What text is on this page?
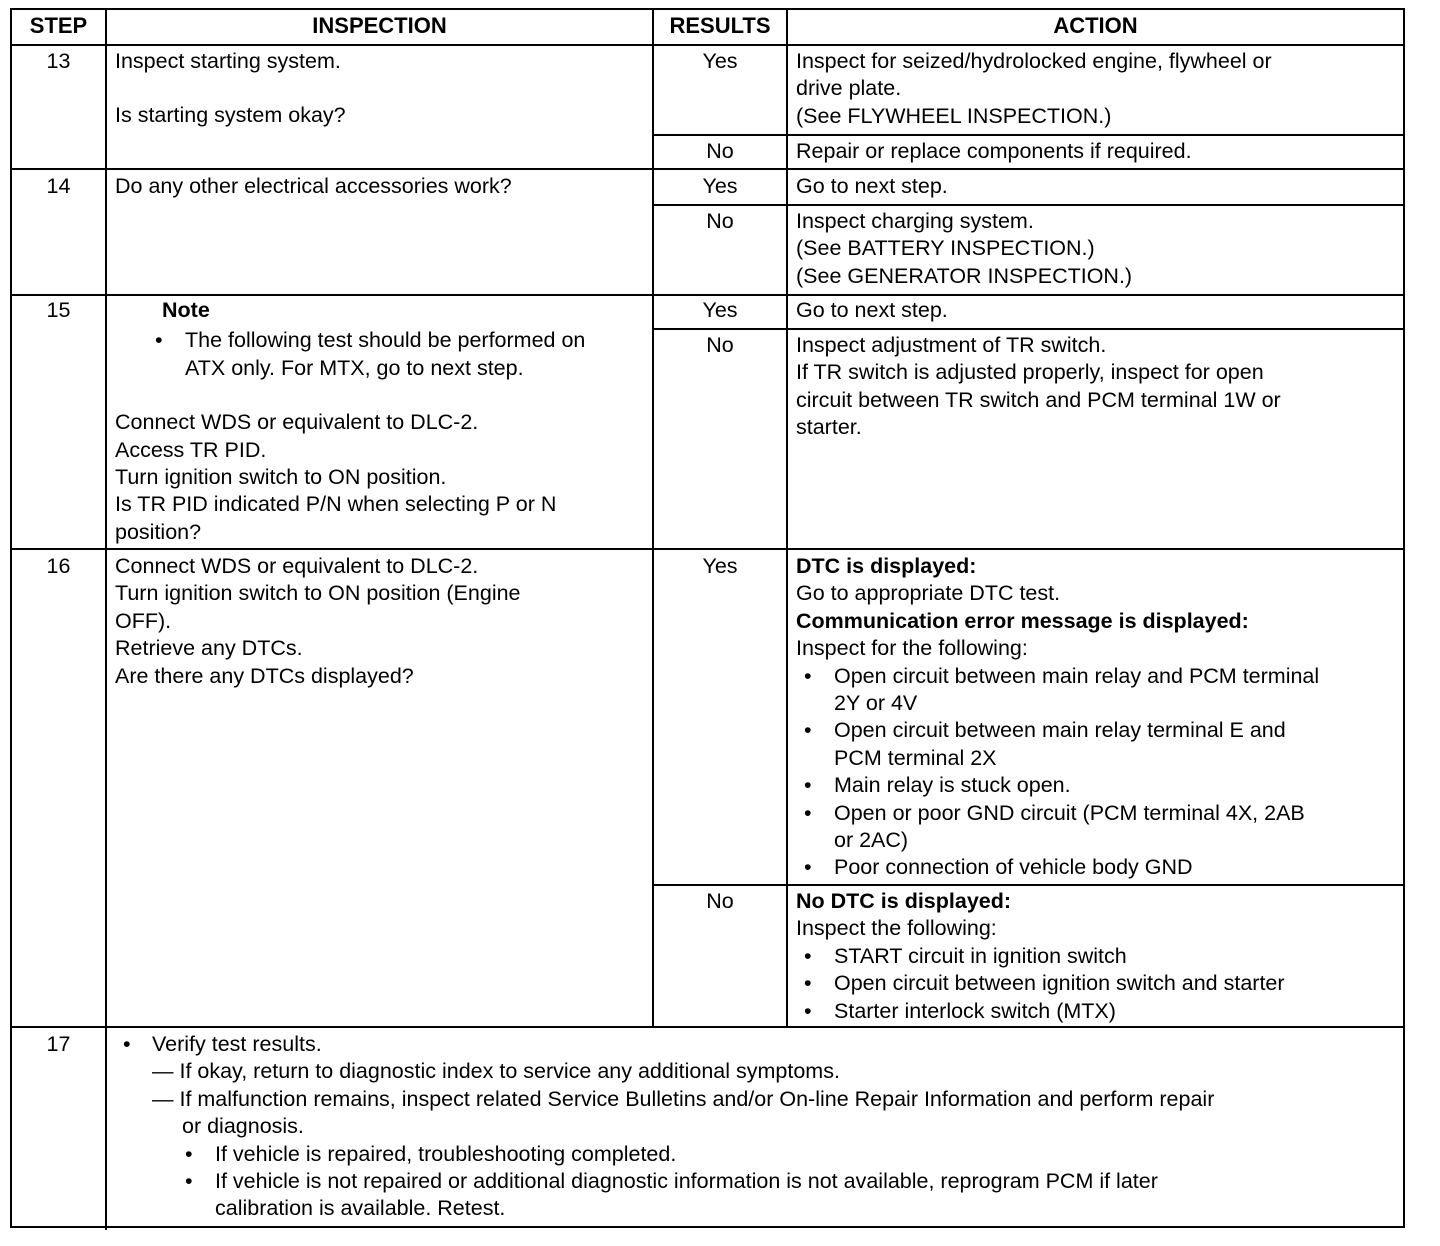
STEP	INSPECTION	RESULTS	ACTION
13	Inspect starting system.
Is starting system okay?
Yes	Inspect for seized/hydrolocked engine, flywheel or
drive plate.
(See FLYWHEEL INSPECTION.)
No	Repair or replace components if required.
14	Do any other electrical accessories work?	Yes	Go to next step.
No	Inspect charging system.
(See BATTERY INSPECTION.)
(See GENERATOR INSPECTION.)
15	Note
• The following test should be performed on
ATX only. For MTX, go to next step.
Connect WDS or equivalent to DLC-2.
Access TR PID.
Turn ignition switch to ON position.
Is TR PID indicated P/N when selecting P or N
position?
Yes	Go to next step.
No	Inspect adjustment of TR switch.
If TR switch is adjusted properly, inspect for open
circuit between TR switch and PCM terminal 1W or
starter.
16	Connect WDS or equivalent to DLC-2.
Turn ignition switch to ON position (Engine
OFF).
Retrieve any DTCs.
Are there any DTCs displayed?
Yes	DTC is displayed:
Go to appropriate DTC test.
Communication error message is displayed:
Inspect for the following:
• Open circuit between main relay and PCM terminal
2Y or 4V
• Open circuit between main relay terminal E and
PCM terminal 2X
• Main relay is stuck open.
• Open or poor GND circuit (PCM terminal 4X, 2AB
or 2AC)
• Poor connection of vehicle body GND
No	No DTC is displayed:
Inspect the following:
• START circuit in ignition switch
• Open circuit between ignition switch and starter
• Starter interlock switch (MTX)
17	• Verify test results.
— If okay, return to diagnostic index to service any additional symptoms.
— If malfunction remains, inspect related Service Bulletins and/or On-line Repair Information and perform repair
or diagnosis.
• If vehicle is repaired, troubleshooting completed.
• If vehicle is not repaired or additional diagnostic information is not available, reprogram PCM if later
calibration is available. Retest.
